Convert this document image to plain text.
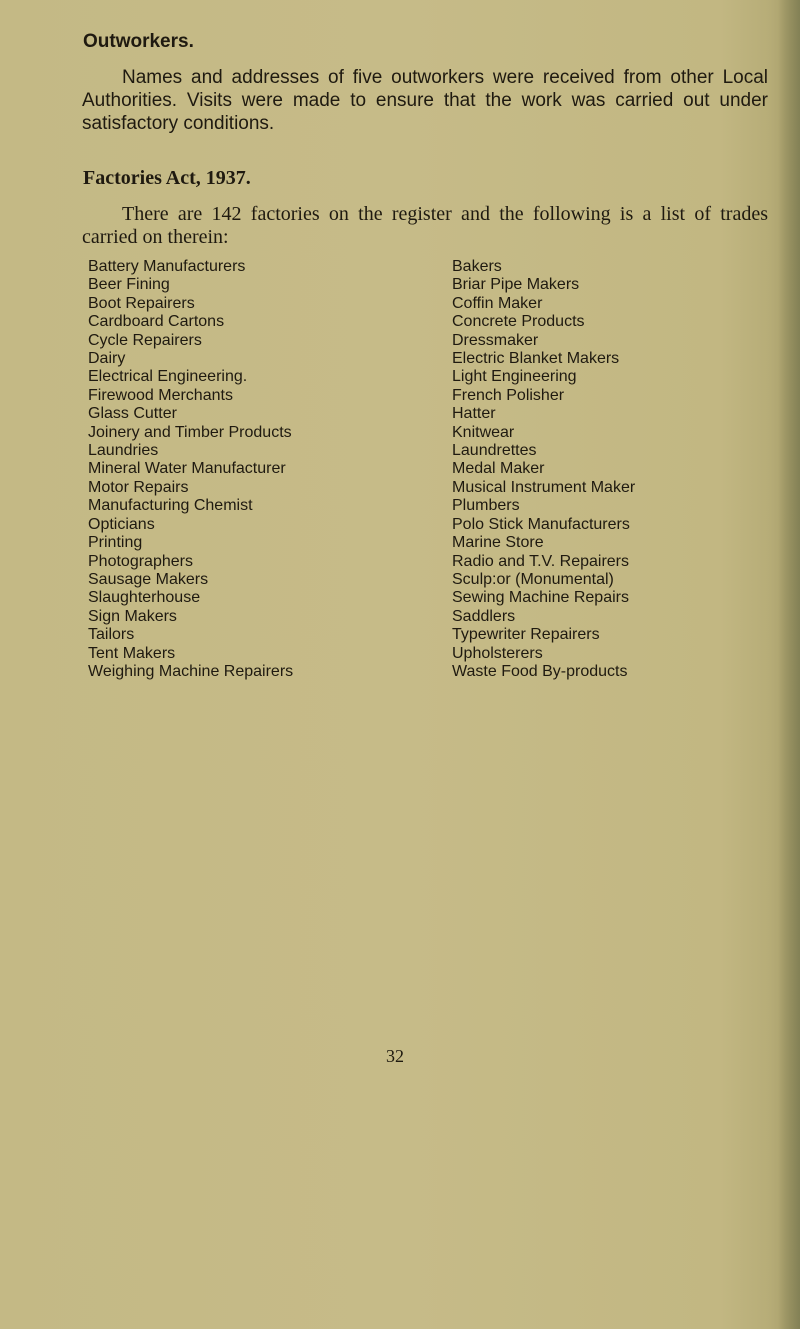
Outworkers.

Names and addresses of five outworkers were received from other Local Authorities. Visits were made to ensure that the work was carried out under satisfactory conditions.

Factories Act, 1937.

There are 142 factories on the register and the following is a list of trades carried on therein:

Battery Manufacturers
Beer Fining
Boot Repairers
Cardboard Cartons
Cycle Repairers
Dairy
Electrical Engineering.
Firewood Merchants
Glass Cutter
Joinery and Timber Products
Laundries
Mineral Water Manufacturer
Motor Repairs
Manufacturing Chemist
Opticians
Printing
Photographers
Sausage Makers
Slaughterhouse
Sign Makers
Tailors
Tent Makers
Weighing Machine Repairers
Bakers
Briar Pipe Makers
Coffin Maker
Concrete Products
Dressmaker
Electric Blanket Makers
Light Engineering
French Polisher
Hatter
Knitwear
Laundrettes
Medal Maker
Musical Instrument Maker
Plumbers
Polo Stick Manufacturers
Marine Store
Radio and T.V. Repairers
Sculp:or (Monumental)
Sewing Machine Repairs
Saddlers
Typewriter Repairers
Upholsterers
Waste Food By-products
32
